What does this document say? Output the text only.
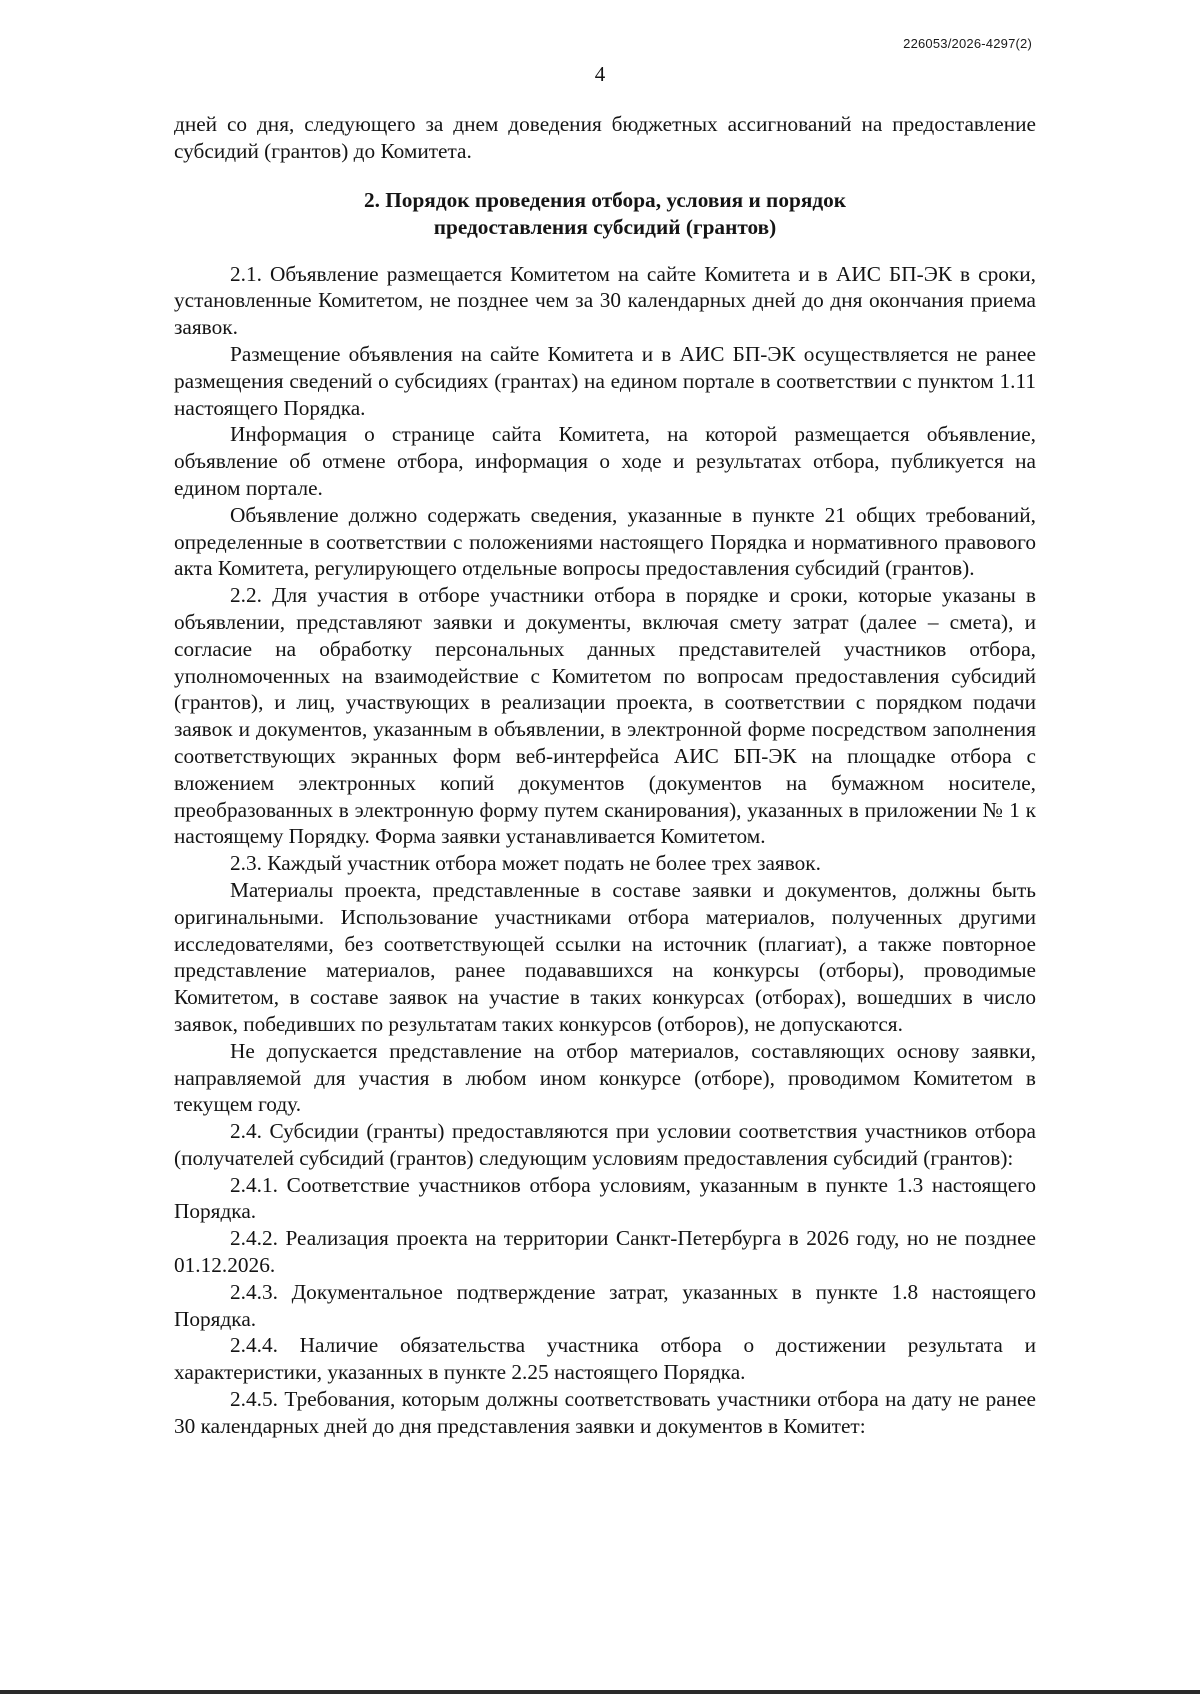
226053/2026-4297(2)
4

дней со дня, следующего за днем доведения бюджетных ассигнований на предоставление субсидий (грантов) до Комитета.

2. Порядок проведения отбора, условия и порядок
предоставления субсидий (грантов)

2.1. Объявление размещается Комитетом на сайте Комитета и в АИС БП-ЭК в сроки, установленные Комитетом, не позднее чем за 30 календарных дней до дня окончания приема заявок.

Размещение объявления на сайте Комитета и в АИС БП-ЭК осуществляется не ранее размещения сведений о субсидиях (грантах) на едином портале в соответствии с пунктом 1.11 настоящего Порядка.

Информация о странице сайта Комитета, на которой размещается объявление, объявление об отмене отбора, информация о ходе и результатах отбора, публикуется на едином портале.

Объявление должно содержать сведения, указанные в пункте 21 общих требований, определенные в соответствии с положениями настоящего Порядка и нормативного правового акта Комитета, регулирующего отдельные вопросы предоставления субсидий (грантов).

2.2. Для участия в отборе участники отбора в порядке и сроки, которые указаны в объявлении, представляют заявки и документы, включая смету затрат (далее – смета), и согласие на обработку персональных данных представителей участников отбора, уполномоченных на взаимодействие с Комитетом по вопросам предоставления субсидий (грантов), и лиц, участвующих в реализации проекта, в соответствии с порядком подачи заявок и документов, указанным в объявлении, в электронной форме посредством заполнения соответствующих экранных форм веб-интерфейса АИС БП-ЭК на площадке отбора с вложением электронных копий документов (документов на бумажном носителе, преобразованных в электронную форму путем сканирования), указанных в приложении № 1 к настоящему Порядку. Форма заявки устанавливается Комитетом.

2.3. Каждый участник отбора может подать не более трех заявок.

Материалы проекта, представленные в составе заявки и документов, должны быть оригинальными. Использование участниками отбора материалов, полученных другими исследователями, без соответствующей ссылки на источник (плагиат), а также повторное представление материалов, ранее подававшихся на конкурсы (отборы), проводимые Комитетом, в составе заявок на участие в таких конкурсах (отборах), вошедших в число заявок, победивших по результатам таких конкурсов (отборов), не допускаются.

Не допускается представление на отбор материалов, составляющих основу заявки, направляемой для участия в любом ином конкурсе (отборе), проводимом Комитетом в текущем году.

2.4. Субсидии (гранты) предоставляются при условии соответствия участников отбора (получателей субсидий (грантов) следующим условиям предоставления субсидий (грантов):

2.4.1. Соответствие участников отбора условиям, указанным в пункте 1.3 настоящего Порядка.

2.4.2. Реализация проекта на территории Санкт-Петербурга в 2026 году, но не позднее 01.12.2026.

2.4.3. Документальное подтверждение затрат, указанных в пункте 1.8 настоящего Порядка.

2.4.4. Наличие обязательства участника отбора о достижении результата и характеристики, указанных в пункте 2.25 настоящего Порядка.

2.4.5. Требования, которым должны соответствовать участники отбора на дату не ранее 30 календарных дней до дня представления заявки и документов в Комитет:
